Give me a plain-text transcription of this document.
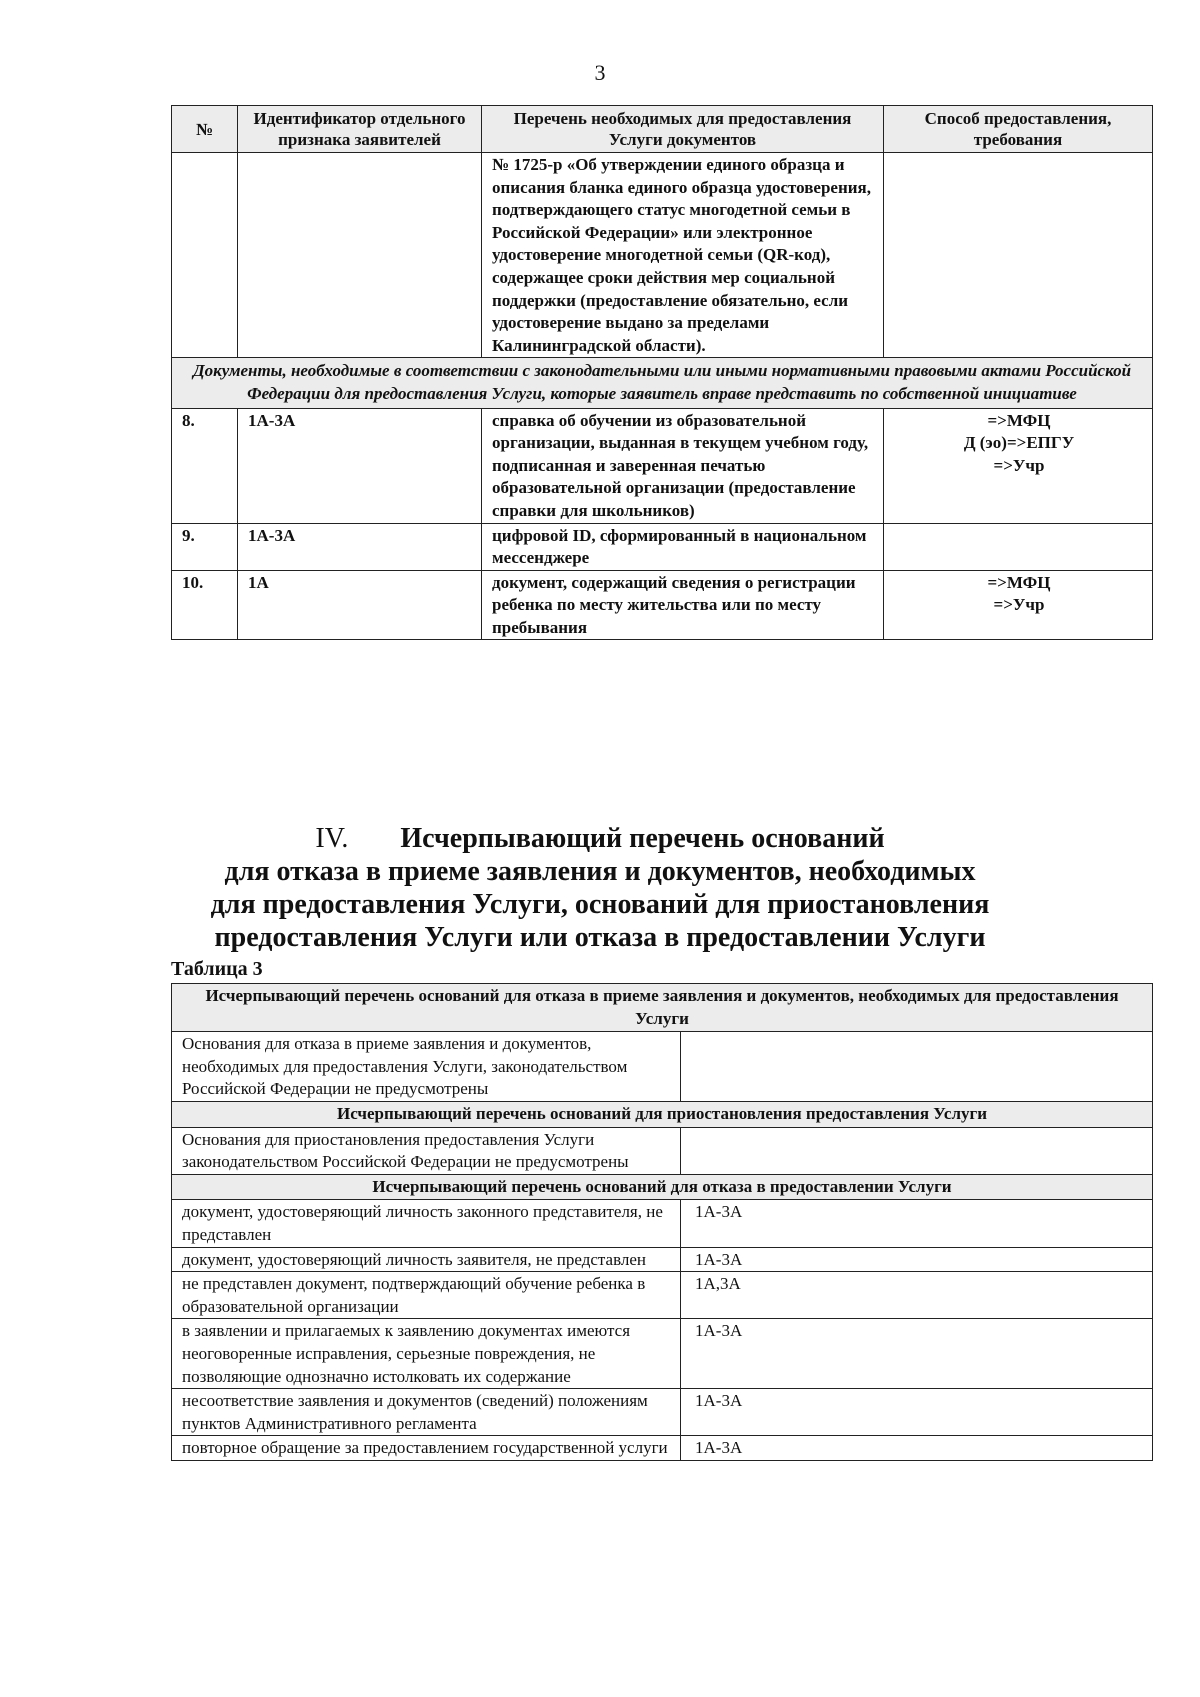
3
№	Идентификатор отдельного признака заявителей	Перечень необходимых для предоставления Услуги документов	Способ предоставления, требования
		№ 1725-р «Об утверждении единого образца и описания бланка единого образца удостоверения, подтверждающего статус многодетной семьи в Российской Федерации» или электронное удостоверение многодетной семьи (QR-код), содержащее сроки действия мер социальной поддержки (предоставление обязательно, если удостоверение выдано за пределами Калининградской области).	
Документы, необходимые в соответствии с законодательными или иными нормативными правовыми актами Российской Федерации для предоставления Услуги, которые заявитель вправе представить по собственной инициативе			
8.	1А-3А	справка об обучении из образовательной организации, выданная в текущем учебном году, подписанная и заверенная печатью образовательной организации (предоставление справки для школьников)	=>МФЦ
Д (эо)=>ЕПГУ
=>Учр

9.	1А-3А	цифровой ID, сформированный в национальном мессенджере	
10.	1А	документ, содержащий сведения о регистрации ребенка по месту жительства или по месту пребывания	=>МФЦ
=>Учр
IV. Исчерпывающий перечень оснований
для отказа в приеме заявления и документов, необходимых
для предоставления Услуги, оснований для приостановления
предоставления Услуги или отказа в предоставлении Услуги
Таблица 3
Исчерпывающий перечень оснований для отказа в приеме заявления и документов, необходимых для предоставления Услуги	
Основания для отказа в приеме заявления и документов, необходимых для предоставления Услуги, законодательством Российской Федерации не предусмотрены	
Исчерпывающий перечень оснований для приостановления предоставления Услуги	
Основания для приостановления предоставления Услуги законодательством Российской Федерации не предусмотрены	
Исчерпывающий перечень оснований для отказа в предоставлении Услуги	
документ, удостоверяющий личность законного представителя, не представлен	1А-3А
документ, удостоверяющий личность заявителя, не представлен	1А-3А
не представлен документ, подтверждающий обучение ребенка в образовательной организации	1А,3А
в заявлении и прилагаемых к заявлению документах имеются неоговоренные исправления, серьезные повреждения, не позволяющие однозначно истолковать их содержание	1А-3А
несоответствие заявления и документов (сведений) положениям пунктов Административного регламента	1А-3А
повторное обращение за предоставлением государственной услуги	1А-3А
